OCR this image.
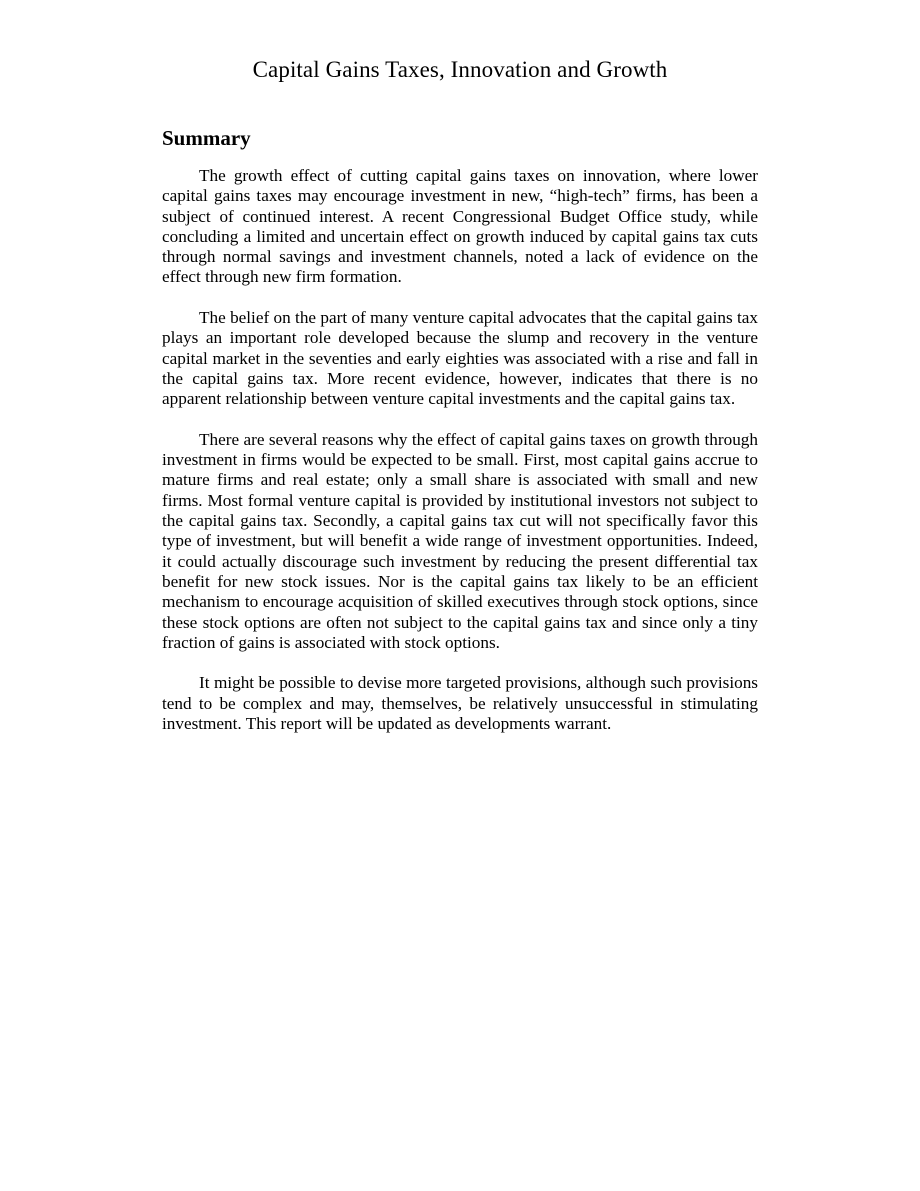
Capital Gains Taxes, Innovation and Growth
Summary

The growth effect of cutting capital gains taxes on innovation, where lower capital gains taxes may encourage investment in new, “high-tech” firms, has been a subject of continued interest. A recent Congressional Budget Office study, while concluding a limited and uncertain effect on growth induced by capital gains tax cuts through normal savings and investment channels, noted a lack of evidence on the effect through new firm formation.

The belief on the part of many venture capital advocates that the capital gains tax plays an important role developed because the slump and recovery in the venture capital market in the seventies and early eighties was associated with a rise and fall in the capital gains tax. More recent evidence, however, indicates that there is no apparent relationship between venture capital investments and the capital gains tax.

There are several reasons why the effect of capital gains taxes on growth through investment in firms would be expected to be small. First, most capital gains accrue to mature firms and real estate; only a small share is associated with small and new firms. Most formal venture capital is provided by institutional investors not subject to the capital gains tax. Secondly, a capital gains tax cut will not specifically favor this type of investment, but will benefit a wide range of investment opportunities. Indeed, it could actually discourage such investment by reducing the present differential tax benefit for new stock issues. Nor is the capital gains tax likely to be an efficient mechanism to encourage acquisition of skilled executives through stock options, since these stock options are often not subject to the capital gains tax and since only a tiny fraction of gains is associated with stock options.

It might be possible to devise more targeted provisions, although such provisions tend to be complex and may, themselves, be relatively unsuccessful in stimulating investment. This report will be updated as developments warrant.
